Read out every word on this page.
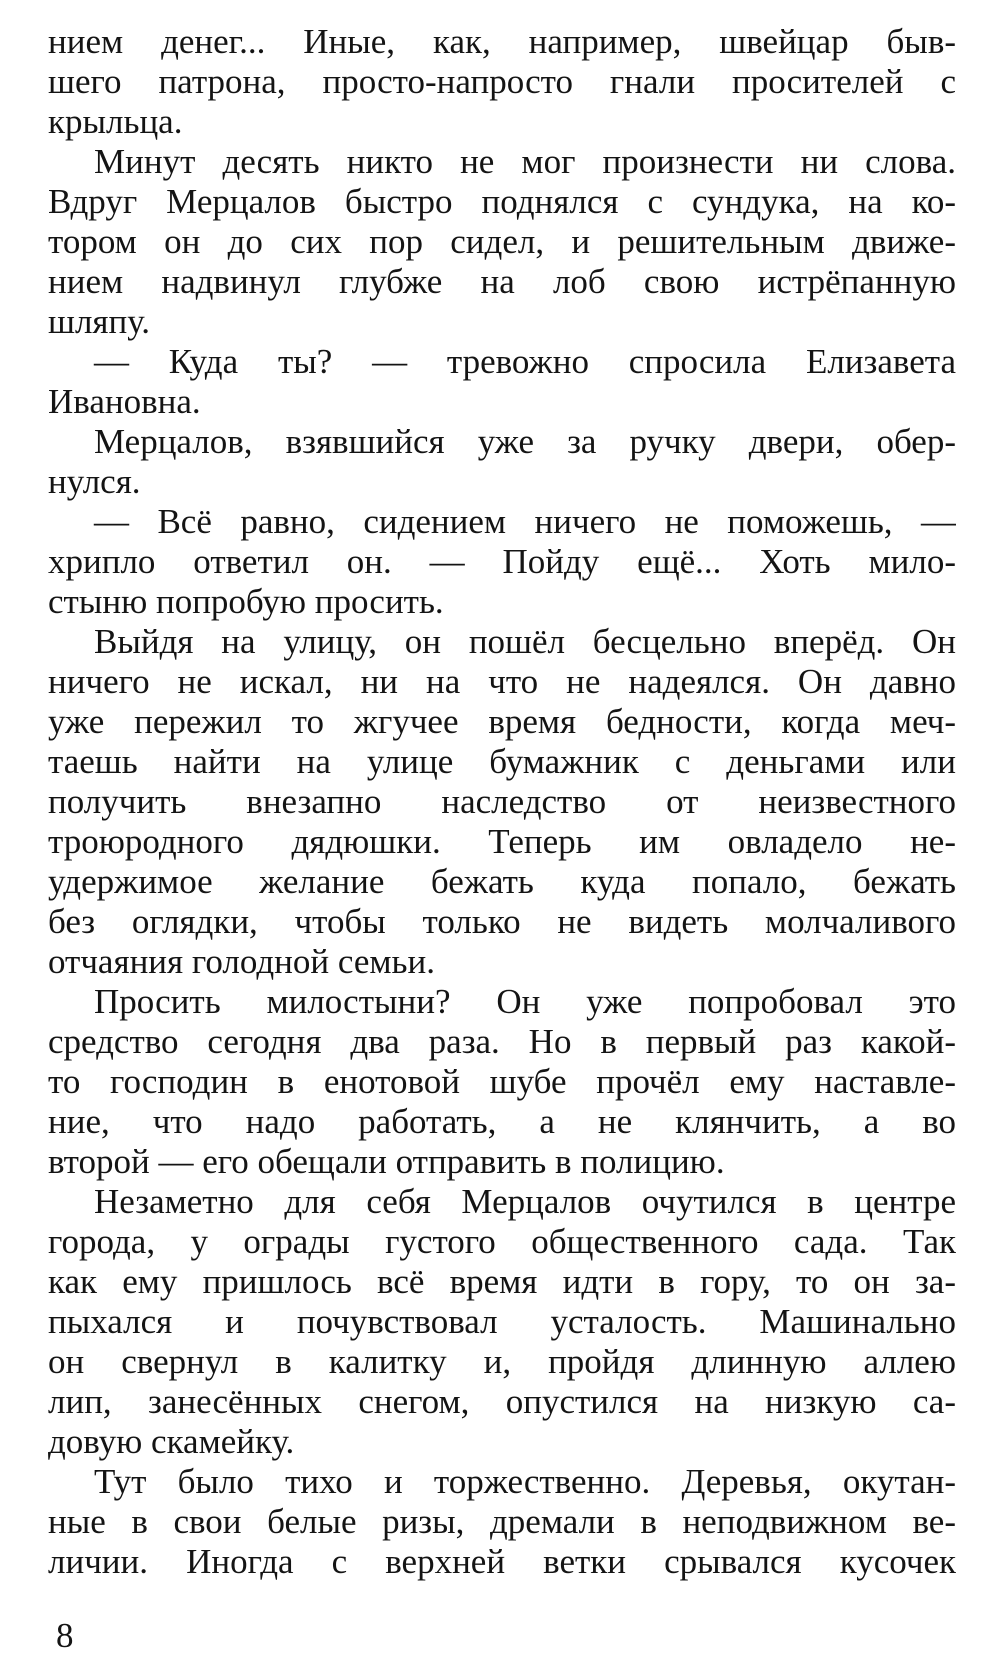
нием денег... Иные, как, например, швейцар быв-
шего патрона, просто-напросто гнали просителей с
крыльца.
Минут десять никто не мог произнести ни слова.
Вдруг Мерцалов быстро поднялся с сундука, на ко-
тором он до сих пор сидел, и решительным движе-
нием надвинул глубже на лоб свою истрёпанную
шляпу.
— Куда ты? — тревожно спросила Елизавета
Ивановна.
Мерцалов, взявшийся уже за ручку двери, обер-
нулся.
— Всё равно, сидением ничего не поможешь, —
хрипло ответил он. — Пойду ещё... Хоть мило-
стыню попробую просить.
Выйдя на улицу, он пошёл бесцельно вперёд. Он
ничего не искал, ни на что не надеялся. Он давно
уже пережил то жгучее время бедности, когда меч-
таешь найти на улице бумажник с деньгами или
получить внезапно наследство от неизвестного
троюродного дядюшки. Теперь им овладело не-
удержимое желание бежать куда попало, бежать
без оглядки, чтобы только не видеть молчаливого
отчаяния голодной семьи.
Просить милостыни? Он уже попробовал это
средство сегодня два раза. Но в первый раз какой-
то господин в енотовой шубе прочёл ему наставле-
ние, что надо работать, а не клянчить, а во
второй — его обещали отправить в полицию.
Незаметно для себя Мерцалов очутился в центре
города, у ограды густого общественного сада. Так
как ему пришлось всё время идти в гору, то он за-
пыхался и почувствовал усталость. Машинально
он свернул в калитку и, пройдя длинную аллею
лип, занесённых снегом, опустился на низкую са-
довую скамейку.
Тут было тихо и торжественно. Деревья, окутан-
ные в свои белые ризы, дремали в неподвижном ве-
личии. Иногда с верхней ветки срывался кусочек
8
